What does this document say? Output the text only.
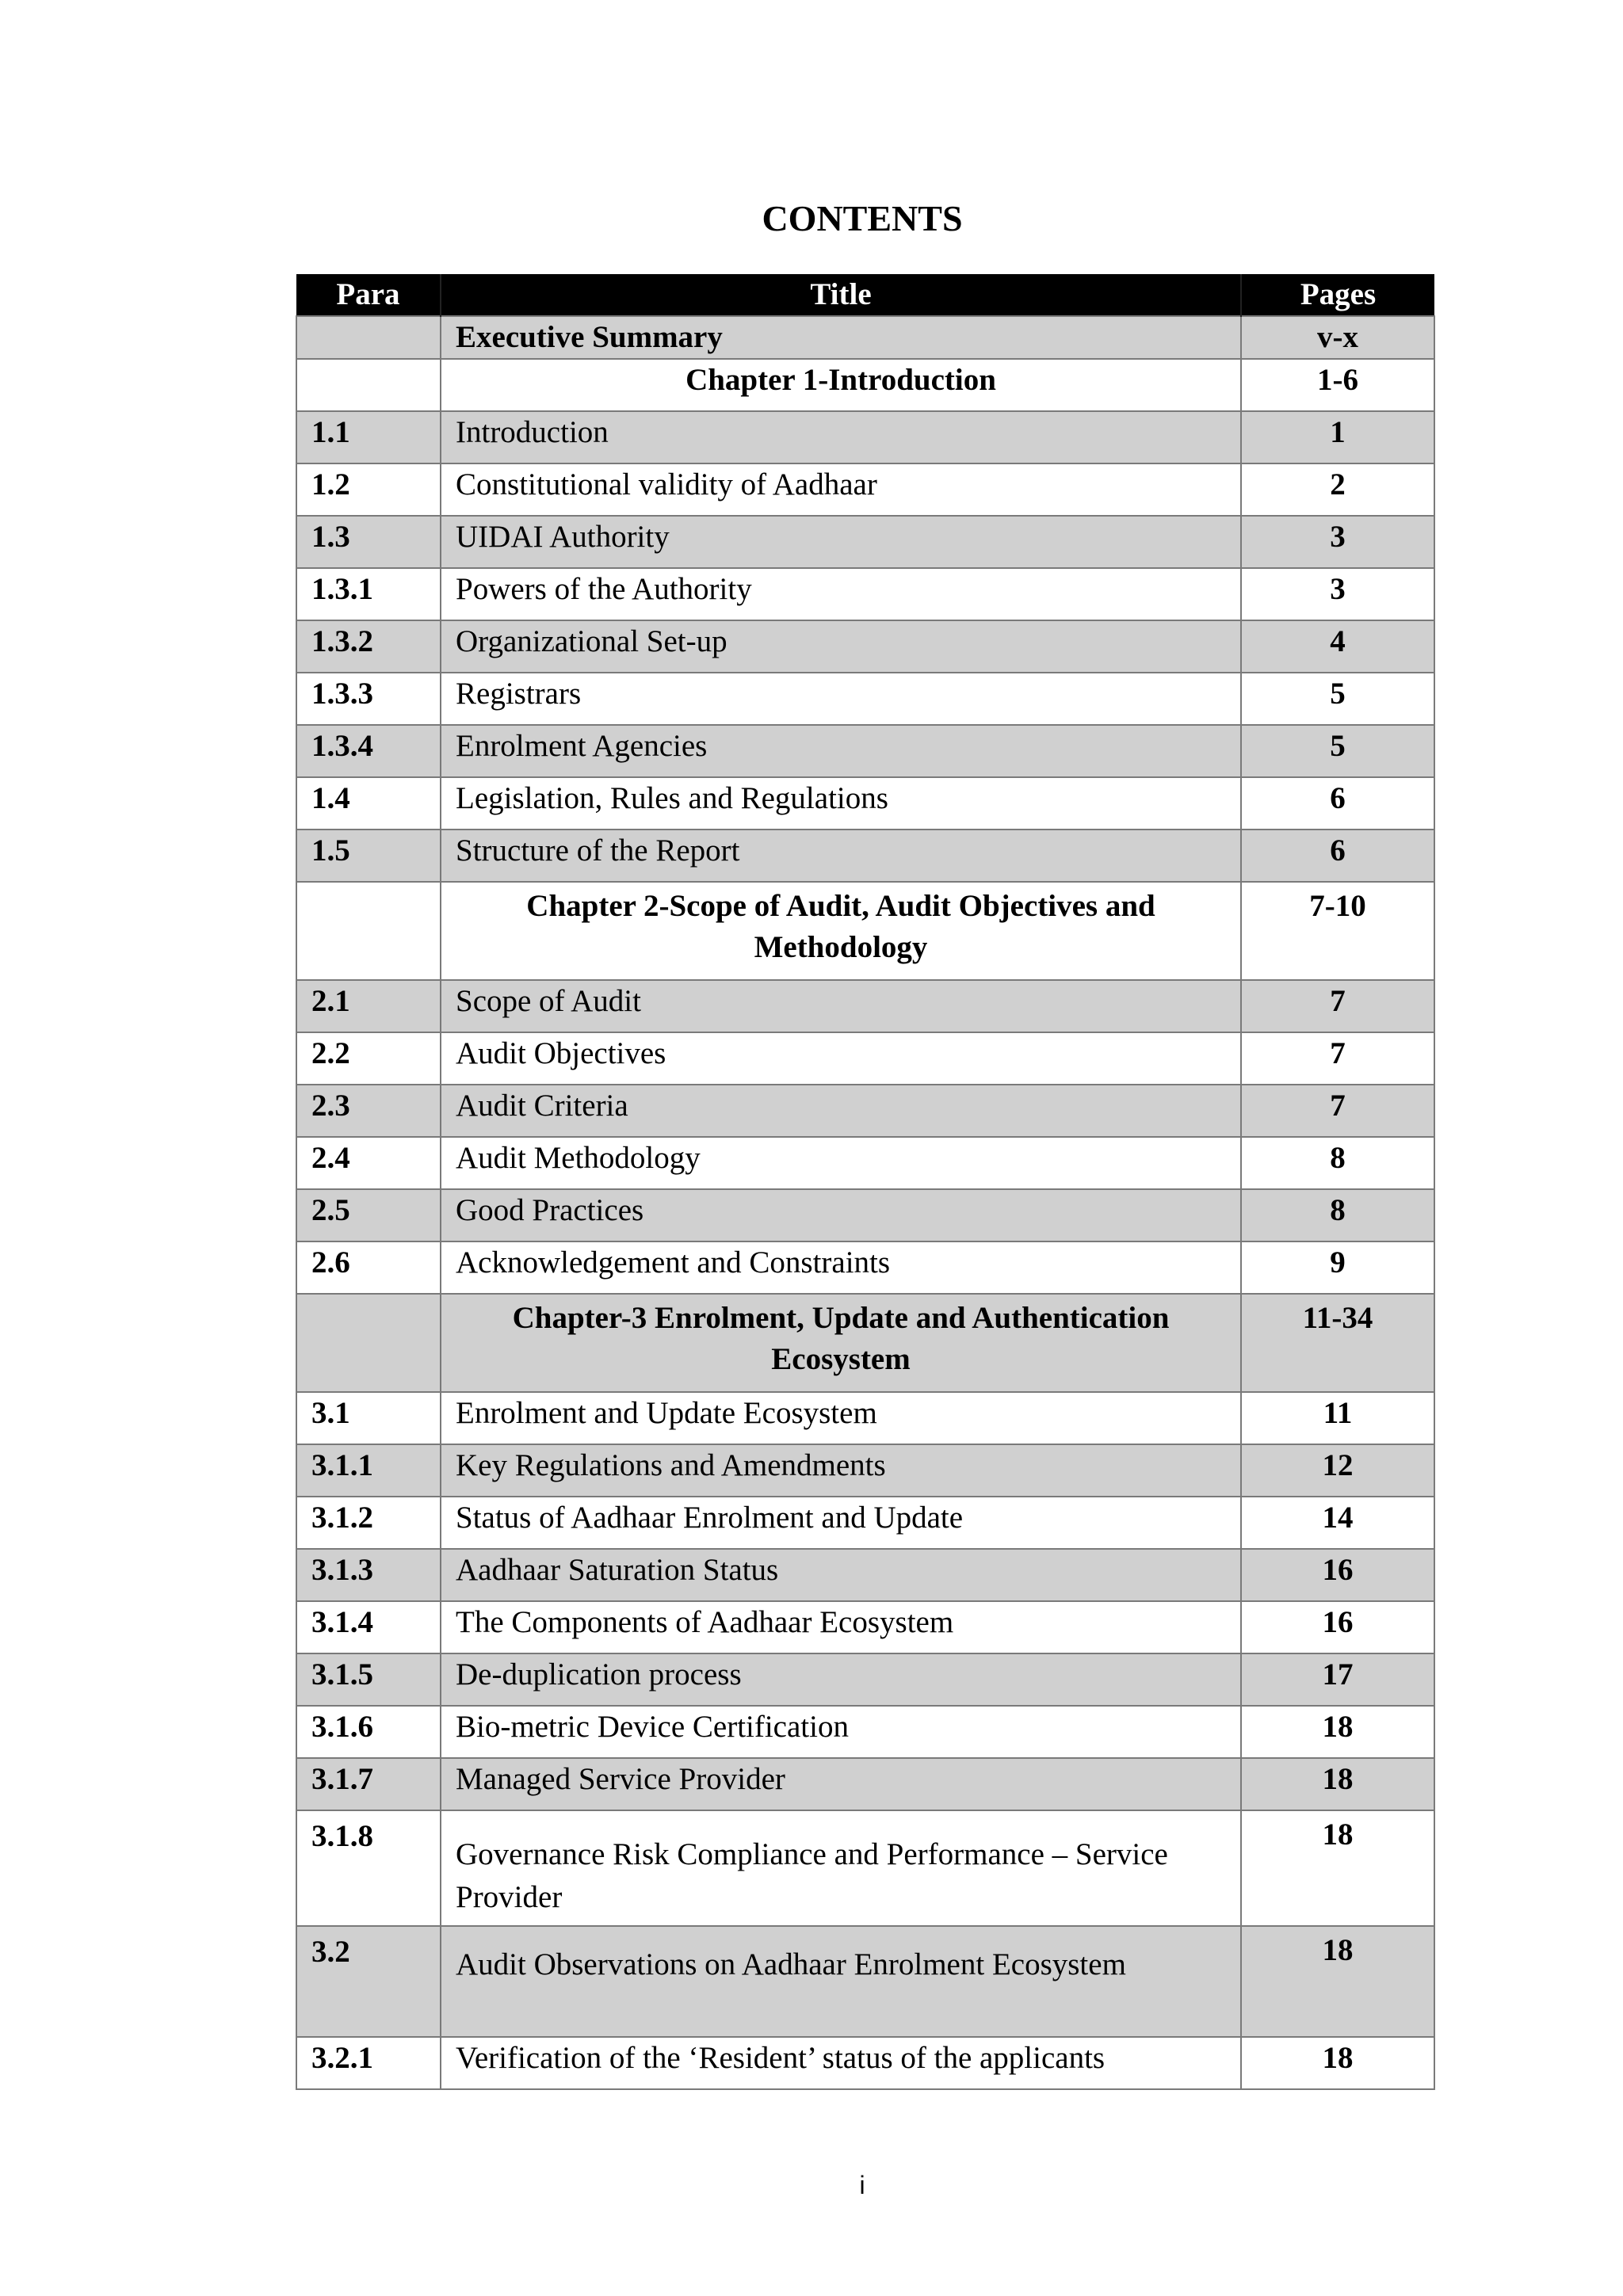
CONTENTS
Para	Title	Pages
	Executive Summary	v-x
	Chapter 1-Introduction	1-6
1.1	Introduction	1
1.2	Constitutional validity of Aadhaar	2
1.3	UIDAI Authority	3
1.3.1	Powers of the Authority	3
1.3.2	Organizational Set-up	4
1.3.3	Registrars	5
1.3.4	Enrolment Agencies	5
1.4	Legislation, Rules and Regulations	6
1.5	Structure of the Report	6
	Chapter 2-Scope of Audit, Audit Objectives and Methodology	7-10
2.1	Scope of Audit	7
2.2	Audit Objectives	7
2.3	Audit Criteria	7
2.4	Audit Methodology	8
2.5	Good Practices	8
2.6	Acknowledgement and Constraints	9
	Chapter-3 Enrolment, Update and Authentication Ecosystem	11-34
3.1	Enrolment and Update Ecosystem	11
3.1.1	Key Regulations and Amendments	12
3.1.2	Status of Aadhaar Enrolment and Update	14
3.1.3	Aadhaar Saturation Status	16
3.1.4	The Components of Aadhaar Ecosystem	16
3.1.5	De-duplication process	17
3.1.6	Bio-metric Device Certification	18
3.1.7	Managed Service Provider	18
3.1.8	Governance Risk Compliance and Performance – Service Provider	18
3.2	Audit Observations on Aadhaar Enrolment Ecosystem	18
3.2.1	Verification of the ‘Resident’ status of the applicants	18
i
